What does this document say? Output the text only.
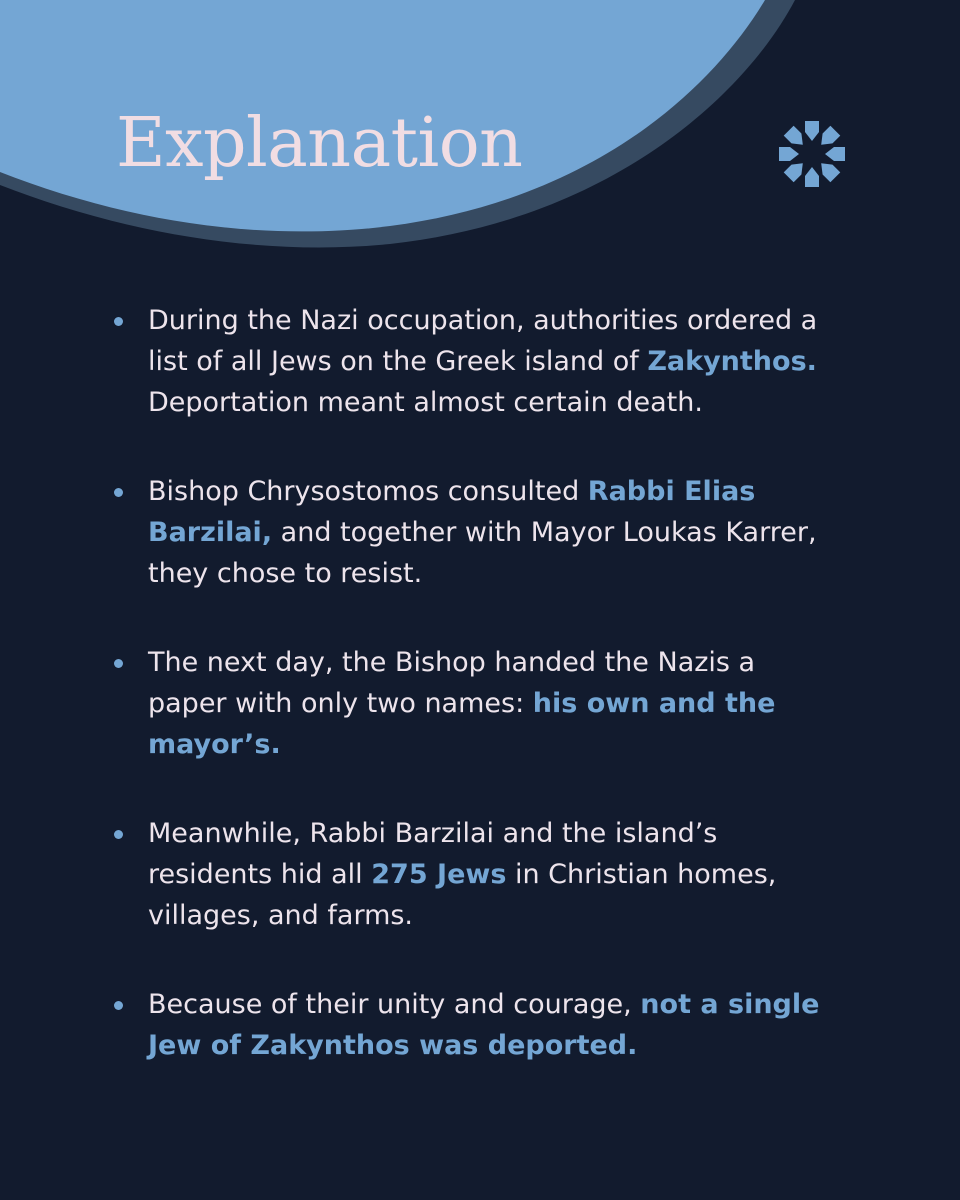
Explanation
During the Nazi occupation, authorities ordered a list of all Jews on the Greek island of Zakynthos. Deportation meant almost certain death.
Bishop Chrysostomos consulted Rabbi Elias Barzilai, and together with Mayor Loukas Karrer, they chose to resist.
The next day, the Bishop handed the Nazis a paper with only two names: his own and the mayor’s.
Meanwhile, Rabbi Barzilai and the island’s residents hid all 275 Jews in Christian homes, villages, and farms.
Because of their unity and courage, not a single Jew of Zakynthos was deported.
